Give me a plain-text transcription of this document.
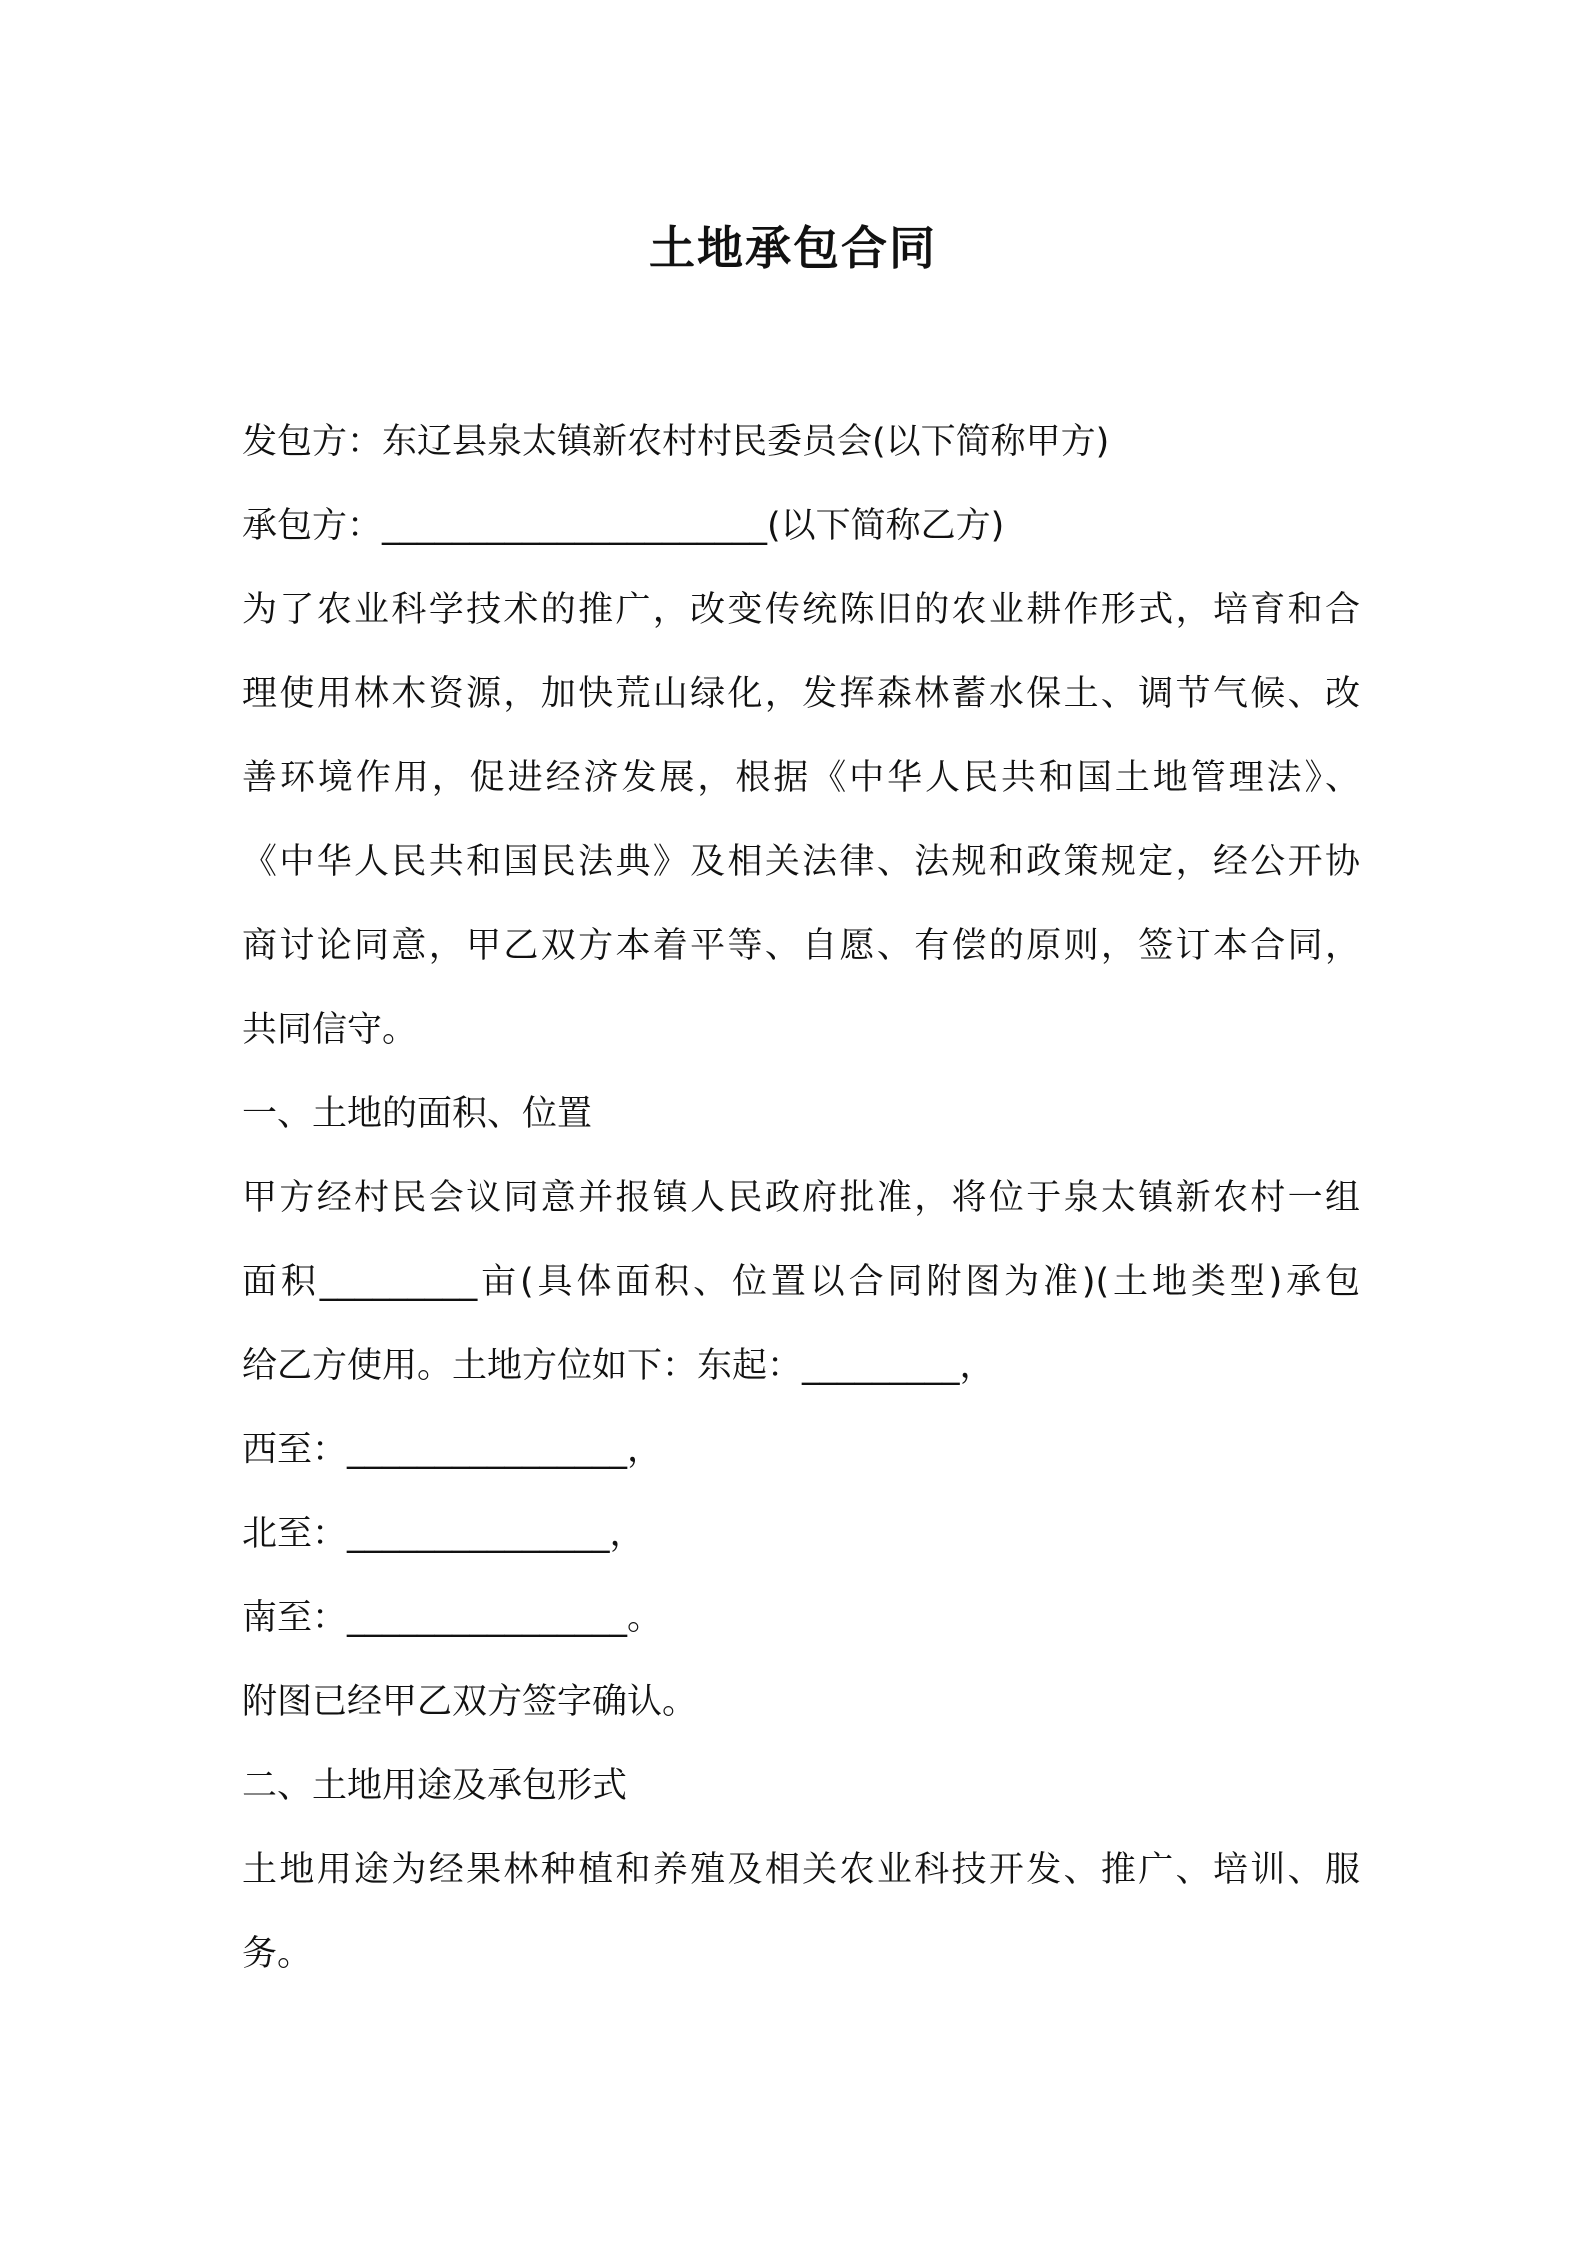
土地承包合同
发包方：东辽县泉太镇新农村村民委员会(以下简称甲方)
承包方：______________________(以下简称乙方)
为了农业科学技术的推广，改变传统陈旧的农业耕作形式，培育和合
理使用林木资源，加快荒山绿化，发挥森林蓄水保土、调节气候、改
善环境作用，促进经济发展，根据《中华人民共和国土地管理法》、
《中华人民共和国民法典》及相关法律、法规和政策规定，经公开协
商讨论同意，甲乙双方本着平等、自愿、有偿的原则，签订本合同，
共同信守。
一、土地的面积、位置
甲方经村民会议同意并报镇人民政府批准，将位于泉太镇新农村一组
面积_________亩(具体面积、位置以合同附图为准)(土地类型)承包
给乙方使用。土地方位如下：东起：_________，
西至：________________，
北至：_______________，
南至：________________。
附图已经甲乙双方签字确认。
二、土地用途及承包形式
土地用途为经果林种植和养殖及相关农业科技开发、推广、培训、服
务。
